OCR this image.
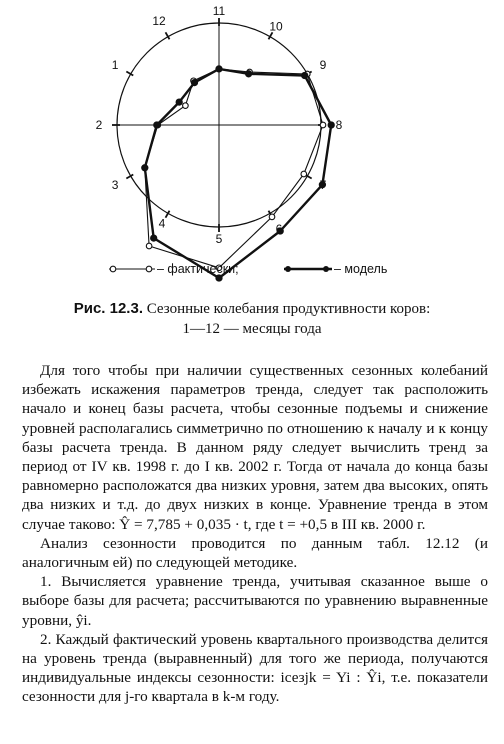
1
2
3
4
5
6
7
8
9
10
11
12
– фактически;	– модель
Рис. 12.3. Сезонные колебания продуктивности коров:
1—12 — месяцы года

Для того чтобы при наличии существенных сезонных колебаний избежать искажения параметров тренда, следует так расположить начало и конец базы расчета, чтобы сезонные подъемы и снижение уровней располагались симметрично по отношению к началу и к концу базы расчета тренда. В данном ряду следует вычислить тренд за период от IV кв. 1998 г. до I кв. 2002 г. Тогда от начала до конца базы равномерно расположатся два низких уровня, затем два высоких, опять два низких и т.д. до двух низких в конце. Уравнение тренда в этом случае таково: Ŷ = 7,785 + 0,035 · t, где t = +0,5 в III кв. 2000 г.

Анализ сезонности проводится по данным табл. 12.12 (и аналогичным ей) по следующей методике.

1. Вычисляется уравнение тренда, учитывая сказанное выше о выборе базы для расчета; рассчитываются по уравнению выравненные уровни, ŷi.

2. Каждый фактический уровень квартального производства делится на уровень тренда (выравненный) для того же периода, получаются индивидуальные индексы сезонности: iсезjk = Yi : Ŷi, т.е. показатели сезонности для j-го квартала в k-м году.
